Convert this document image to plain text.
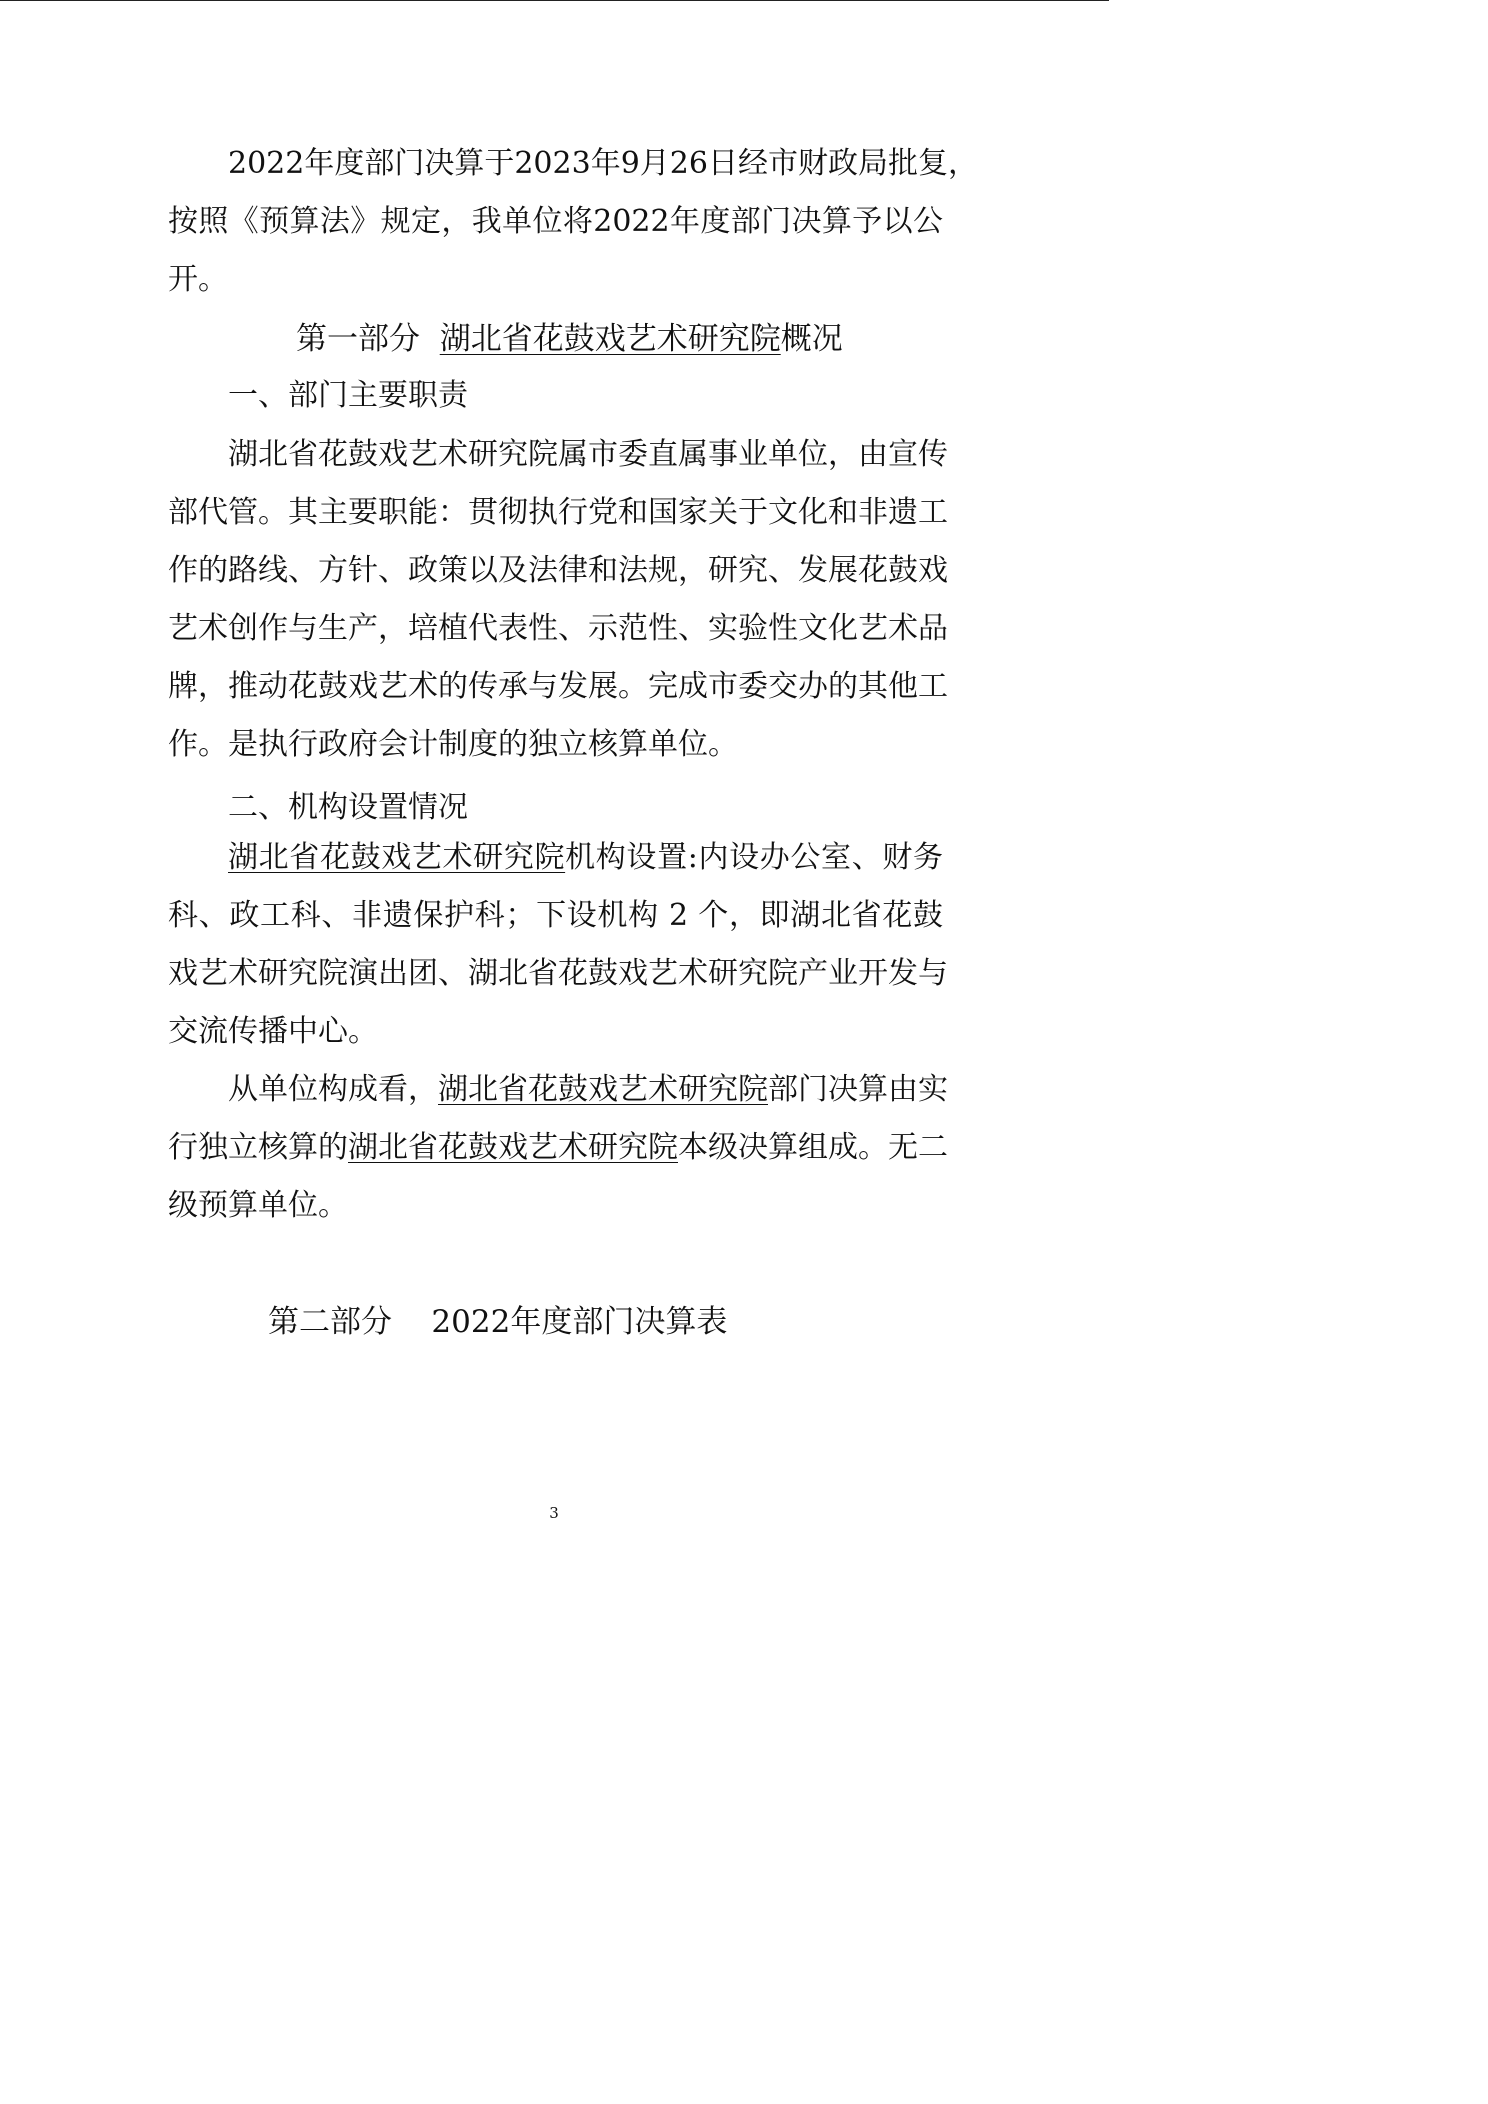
2022年度部门决算于2023年9月26日经市财政局批复，
按照《预算法》规定，我单位将2022年度部门决算予以公
开。
第一部分 湖北省花鼓戏艺术研究院概况
一、部门主要职责
湖北省花鼓戏艺术研究院属市委直属事业单位，由宣传
部代管。其主要职能：贯彻执行党和国家关于文化和非遗工
作的路线、方针、政策以及法律和法规，研究、发展花鼓戏
艺术创作与生产，培植代表性、示范性、实验性文化艺术品
牌，推动花鼓戏艺术的传承与发展。完成市委交办的其他工
作。是执行政府会计制度的独立核算单位。
二、机构设置情况
湖北省花鼓戏艺术研究院机构设置:内设办公室、财务
科、政工科、非遗保护科；下设机构 2 个，即湖北省花鼓
戏艺术研究院演出团、湖北省花鼓戏艺术研究院产业开发与
交流传播中心。
从单位构成看，湖北省花鼓戏艺术研究院部门决算由实
行独立核算的湖北省花鼓戏艺术研究院本级决算组成。无二
级预算单位。
第二部分 2022年度部门决算表
3
